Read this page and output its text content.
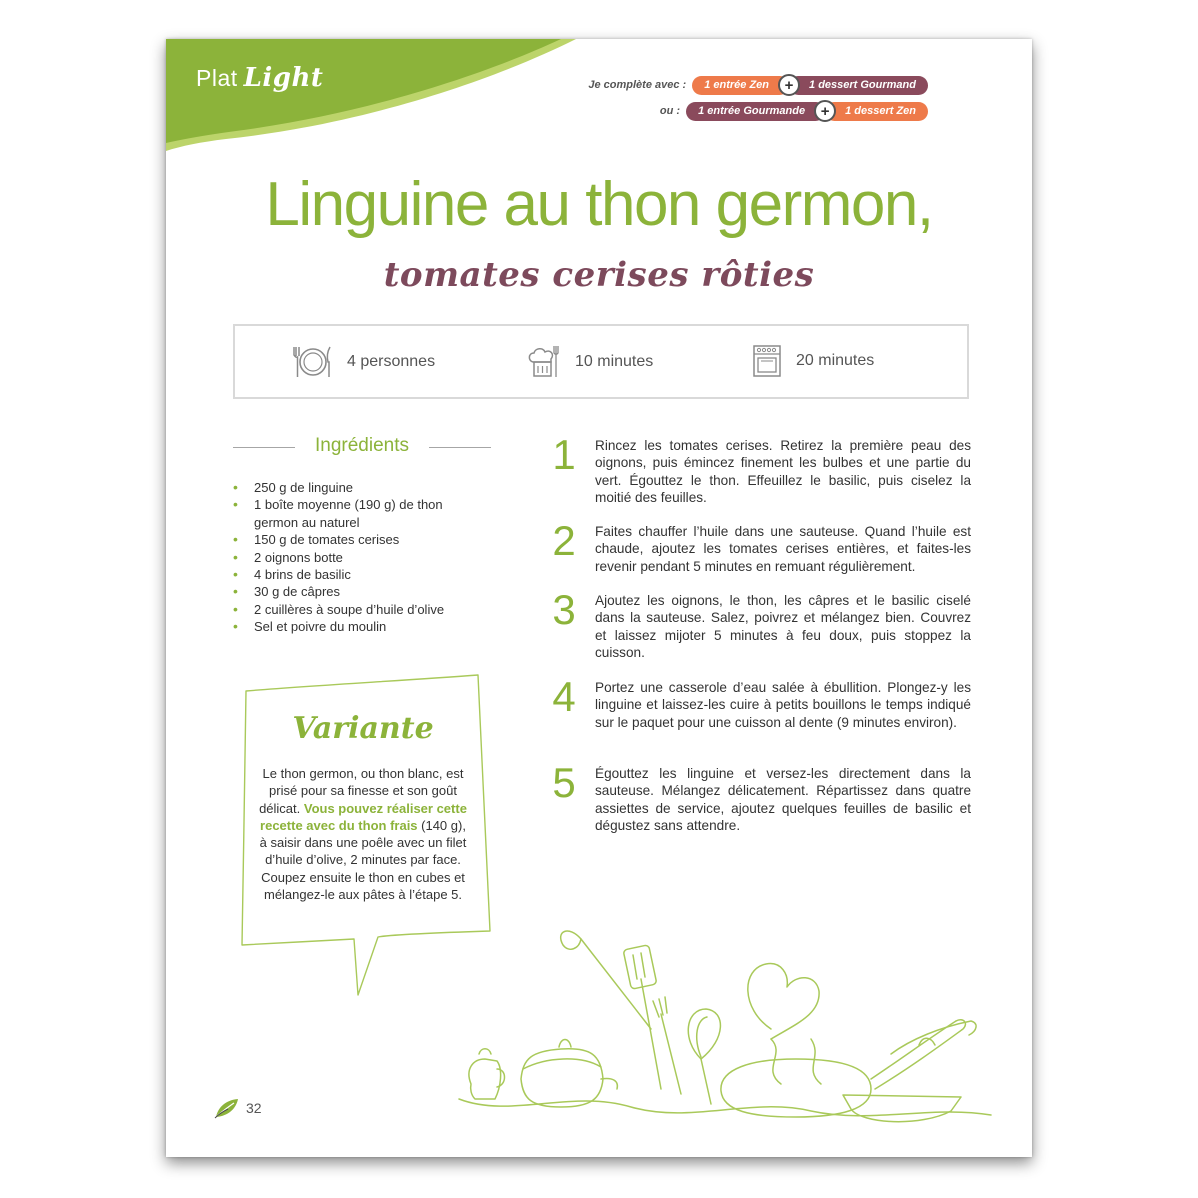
Plat Light	Je complète avec :	1 entrée Zen	+	1 dessert Gourmand
ou :	1 entrée Gourmande	+	1 dessert Zen
Linguine au thon germon,
tomates cerises rôties
4 personnes	10 minutes	20 minutes
Ingrédients
• 250 g de linguine
• 1 boîte moyenne (190 g) de thon germon au naturel
• 150 g de tomates cerises
• 2 oignons botte
• 4 brins de basilic
• 30 g de câpres
• 2 cuillères à soupe d’huile d’olive
• Sel et poivre du moulin
Variante
Le thon germon, ou thon blanc, est prisé pour sa finesse et son goût délicat. Vous pouvez réaliser cette recette avec du thon frais (140 g), à saisir dans une poêle avec un filet d’huile d’olive, 2 minutes par face. Coupez ensuite le thon en cubes et mélangez-le aux pâtes à l’étape 5.
1 Rincez les tomates cerises. Retirez la première peau des oignons, puis émincez finement les bulbes et une partie du vert. Égouttez le thon. Effeuillez le basilic, puis ciselez la moitié des feuilles.

2 Faites chauffer l’huile dans une sauteuse. Quand l’huile est chaude, ajoutez les tomates cerises entières, et faites-les revenir pendant 5 minutes en remuant régulièrement.

3 Ajoutez les oignons, le thon, les câpres et le basilic ciselé dans la sauteuse. Salez, poivrez et mélangez bien. Couvrez et laissez mijoter 5 minutes à feu doux, puis stoppez la cuisson.

4 Portez une casserole d’eau salée à ébullition. Plongez-y les linguine et laissez-les cuire à petits bouillons le temps indiqué sur le paquet pour une cuisson al dente (9 minutes environ).

5 Égouttez les linguine et versez-les directement dans la sauteuse. Mélangez délicatement. Répartissez dans quatre assiettes de service, ajoutez quelques feuilles de basilic et dégustez sans attendre.

32
